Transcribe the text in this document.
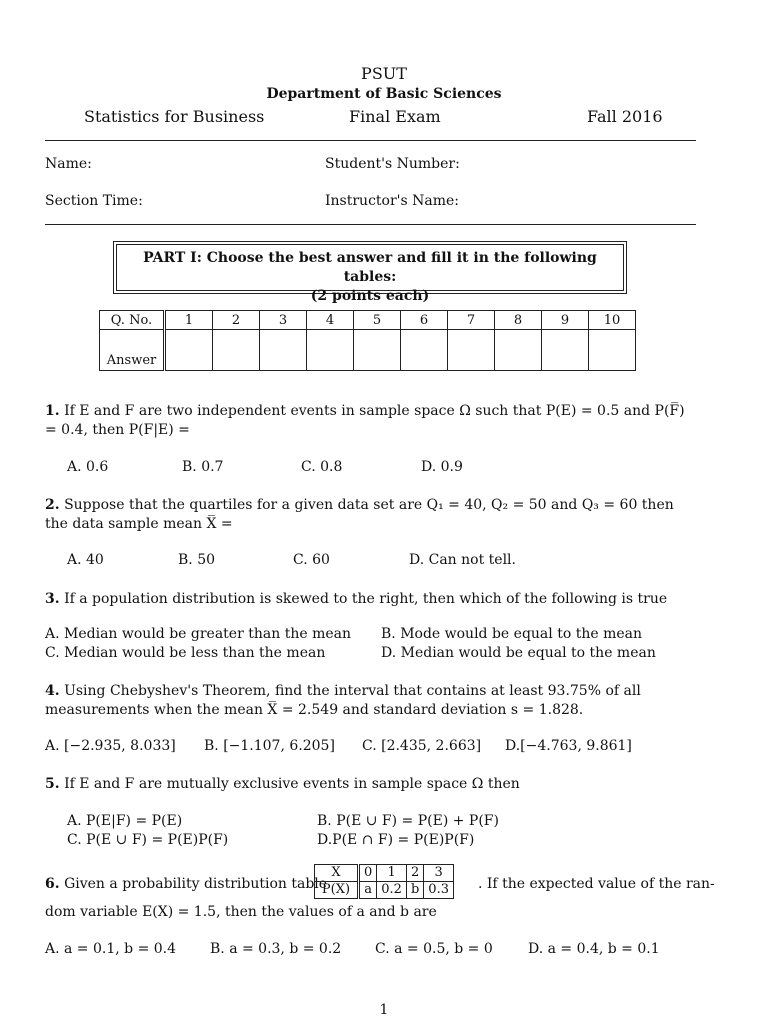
PSUT
Department of Basic Sciences
Statistics for Business	Final Exam	Fall 2016
Name:	Student's Number:
Section Time:	Instructor's Name:
PART I: Choose the best answer and fill it in the following tables:
(2 points each)
Q. No.	1	2	3	4	5	6	7	8	9	10
Answer										
1. If E and F are two independent events in sample space Ω such that P(E) = 0.5 and P(F̅) = 0.4, then P(F|E) =
A. 0.6	B. 0.7	C. 0.8	D. 0.9
2. Suppose that the quartiles for a given data set are Q₁ = 40, Q₂ = 50 and Q₃ = 60 then the data sample mean X̅ =
A. 40	B. 50	C. 60	D. Can not tell.
3. If a population distribution is skewed to the right, then which of the following is true
A. Median would be greater than the mean B. Mode would be equal to the mean
C. Median would be less than the mean	D. Median would be equal to the mean
4. Using Chebyshev's Theorem, find the interval that contains at least 93.75% of all measurements when the mean X̅ = 2.549 and standard deviation s = 1.828.
A. [−2.935, 8.033] B. [−1.107, 6.205] C. [2.435, 2.663] D.[−4.763, 9.861]
5. If E and F are mutually exclusive events in sample space Ω then
A. P(E|F) = P(E)	B. P(E ∪ F) = P(E) + P(F)
C. P(E ∪ F) = P(E)P(F)	D.P(E ∩ F) = P(E)P(F)
6. Given a probability distribution table
X	0	1	2	3
P(X)	a	0.2	b	0.3 . If the expected value of the ran-
dom variable E(X) = 1.5, then the values of a and b are
A. a = 0.1, b = 0.4 B. a = 0.3, b = 0.2 C. a = 0.5, b = 0	D. a = 0.4, b = 0.1
1
